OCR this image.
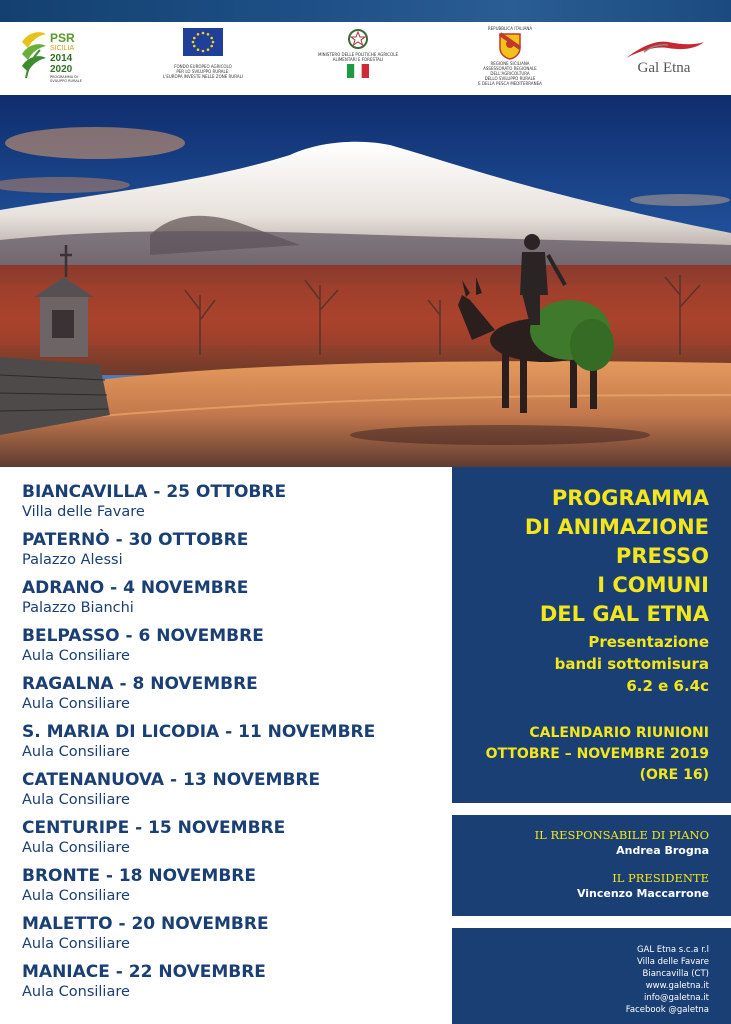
PSR
SICILIA
2014
2020
PROGRAMMA DI
SVILUPPO RURALE
FONDO EUROPEO AGRICOLO
PER LO SVILUPPO RURALE:
L'EUROPA INVESTE NELLE ZONE RURALI
MINISTERO DELLE POLITICHE AGRICOLE
ALIMENTARI E FORESTALI
REPUBBLICA ITALIANA
REGIONE SICILIANA
ASSESSORATO REGIONALE
DELL'AGRICOLTURA
DELLO SVILUPPO RURALE
E DELLA PESCA MEDITERRANEA
Gal Etna
BIANCAVILLA - 25 OTTOBRE
Villa delle Favare
PATERNÒ - 30 OTTOBRE
Palazzo Alessi
ADRANO - 4 NOVEMBRE
Palazzo Bianchi
BELPASSO - 6 NOVEMBRE
Aula Consiliare
RAGALNA - 8 NOVEMBRE
Aula Consiliare
S. MARIA DI LICODIA - 11 NOVEMBRE
Aula Consiliare
CATENANUOVA - 13 NOVEMBRE
Aula Consiliare
CENTURIPE - 15 NOVEMBRE
Aula Consiliare
BRONTE - 18 NOVEMBRE
Aula Consiliare
MALETTO - 20 NOVEMBRE
Aula Consiliare
MANIACE - 22 NOVEMBRE
Aula Consiliare
PROGRAMMA
DI ANIMAZIONE
PRESSO
I COMUNI
DEL GAL ETNA
Presentazione
bandi sottomisura
6.2 e 6.4c
CALENDARIO RIUNIONI
OTTOBRE – NOVEMBRE 2019
(ORE 16)
IL RESPONSABILE DI PIANO
Andrea Brogna
IL PRESIDENTE
Vincenzo Maccarrone
GAL Etna s.c.a r.l
Villa delle Favare
Biancavilla (CT)
www.galetna.it
info@galetna.it
Facebook @galetna
